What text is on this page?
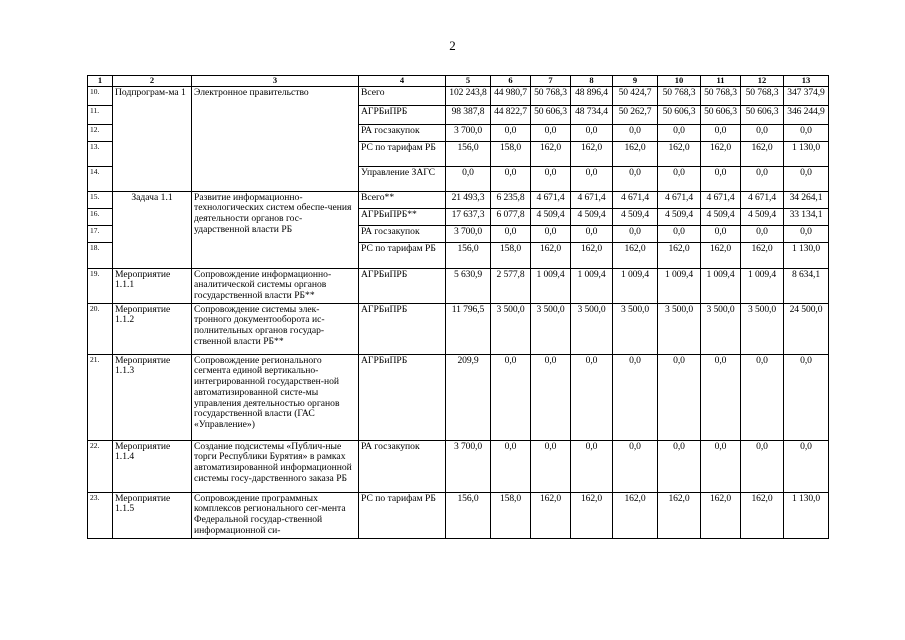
2
1	2	3	4	5	6	7	8	9	10	11	12	13
10.	Подпрограм-ма 1	Электронное правительство	Всего	102 243,8	44 980,7	50 768,3	48 896,4	50 424,7	50 768,3	50 768,3	50 768,3	347 374,9
11.			АГРБиПРБ	98 387,8	44 822,7	50 606,3	48 734,4	50 262,7	50 606,3	50 606,3	50 606,3	346 244,9
12.			РА госзакупок	3 700,0	0,0	0,0	0,0	0,0	0,0	0,0	0,0	0,0
13.			РС по тарифам РБ	156,0	158,0	162,0	162,0	162,0	162,0	162,0	162,0	1 130,0
14.			Управление ЗАГС	0,0	0,0	0,0	0,0	0,0	0,0	0,0	0,0	0,0
15.	Задача 1.1	Развитие информационно-технологических систем обеспе-чения деятельности органов гос-ударственной власти РБ	Всего**	21 493,3	6 235,8	4 671,4	4 671,4	4 671,4	4 671,4	4 671,4	4 671,4	34 264,1
16.			АГРБиПРБ**	17 637,3	6 077,8	4 509,4	4 509,4	4 509,4	4 509,4	4 509,4	4 509,4	33 134,1
17.			РА госзакупок	3 700,0	0,0	0,0	0,0	0,0	0,0	0,0	0,0	0,0
18.			РС по тарифам РБ	156,0	158,0	162,0	162,0	162,0	162,0	162,0	162,0	1 130,0
19.	Мероприятие 1.1.1	Сопровождение информационно-аналитической системы органов государственной власти РБ**	АГРБиПРБ	5 630,9	2 577,8	1 009,4	1 009,4	1 009,4	1 009,4	1 009,4	1 009,4	8 634,1
20.	Мероприятие 1.1.2	Сопровождение системы элек-тронного документооборота ис-полнительных органов государ-ственной власти РБ**	АГРБиПРБ	11 796,5	3 500,0	3 500,0	3 500,0	3 500,0	3 500,0	3 500,0	3 500,0	24 500,0
21.	Мероприятие 1.1.3	Сопровождение регионального сегмента единой вертикально-интегрированной государствен-ной автоматизированной систе-мы управления деятельностью органов государственной власти (ГАС «Управление»)	АГРБиПРБ	209,9	0,0	0,0	0,0	0,0	0,0	0,0	0,0	0,0
22.	Мероприятие 1.1.4	Создание подсистемы «Публич-ные торги Республики Бурятия» в рамках автоматизированной информационной системы госу-дарственного заказа РБ	РА госзакупок	3 700,0	0,0	0,0	0,0	0,0	0,0	0,0	0,0	0,0
23.	Мероприятие 1.1.5	Сопровождение программных комплексов регионального сег-мента Федеральной государ-ственной информационной си-	РС по тарифам РБ	156,0	158,0	162,0	162,0	162,0	162,0	162,0	162,0	1 130,0
